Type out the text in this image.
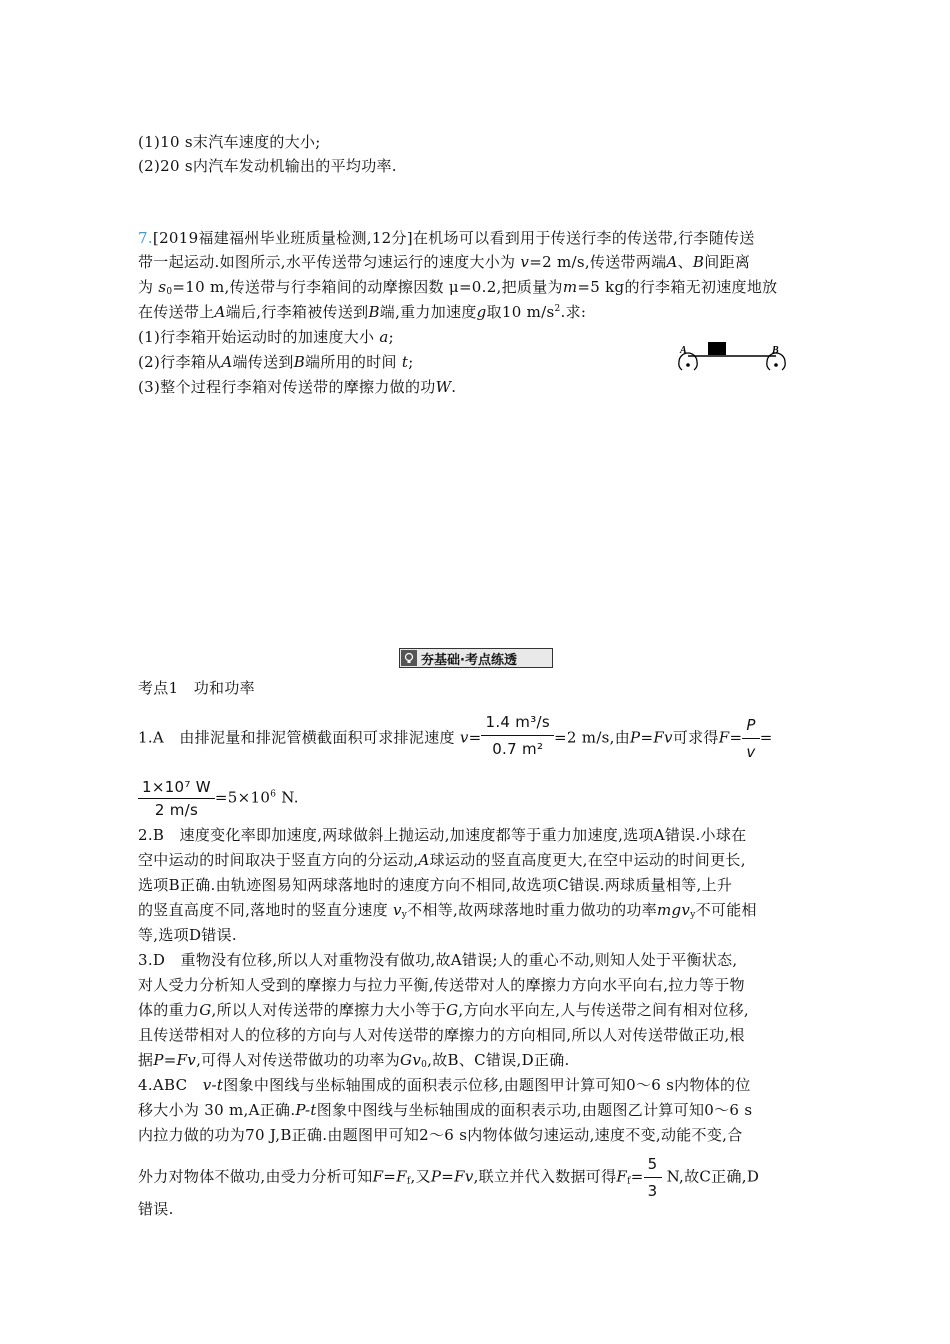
(1)10 s末汽车速度的大小;
(2)20 s内汽车发动机输出的平均功率.
7.[2019福建福州毕业班质量检测,12分]在机场可以看到用于传送行李的传送带,行李随传送
带一起运动.如图所示,水平传送带匀速运行的速度大小为 v=2 m/s,传送带两端A、B间距离
为 $s_0=10$ m,传送带与行李箱间的动摩擦因数 μ=0.2,把质量为m=5 kg的行李箱无初速度地放
在传送带上A端后,行李箱被传送到B端,重力加速度g取10 $m/s^2$.求:
(1)行李箱开始运动时的加速度大小 a;
(2)行李箱从A端传送到B端所用的时间 t;
(3)整个过程行李箱对传送带的摩擦力做的功W.
A	B
夯基础·考点练透
考点1　功和功率
1.A　由排泥量和排泥管横截面积可求排泥速度 $v= \frac{\text{1.4 m³/s}}{\text{0.7 m²}} =2$ m/s,由P=Fv可求得$F= \frac{P}{v}$ =
$\frac{\text{1×10⁷ W}}{2 m/s} =5\times 10^6$ N.
2.B　速度变化率即加速度,两球做斜上抛运动,加速度都等于重力加速度,选项A错误.小球在
空中运动的时间取决于竖直方向的分运动,A球运动的竖直高度更大,在空中运动的时间更长,
选项B正确.由轨迹图易知两球落地时的速度方向不相同,故选项C错误.两球质量相等,上升
的竖直高度不同,落地时的竖直分速度 $v_y$不相等,故两球落地时重力做功的功率mgv$_y$不可能相
等,选项D错误.
3.D　重物没有位移,所以人对重物没有做功,故A错误;人的重心不动,则知人处于平衡状态,
对人受力分析知人受到的摩擦力与拉力平衡,传送带对人的摩擦力方向水平向右,拉力等于物
体的重力G,所以人对传送带的摩擦力大小等于G,方向水平向左,人与传送带之间有相对位移,
且传送带相对人的位移的方向与人对传送带的摩擦力的方向相同,所以人对传送带做正功,根
据P=Fv,可得人对传送带做功的功率为$Gv_0$,故B、C错误,D正确.
4.ABC　v-t图象中图线与坐标轴围成的面积表示位移,由题图甲计算可知0～6 s内物体的位
移大小为 30 m,A正确.P-t图象中图线与坐标轴围成的面积表示功,由题图乙计算可知0～6 s
内拉力做的功为70 J,B正确.由题图甲可知2～6 s内物体做匀速运动,速度不变,动能不变,合
外力对物体不做功,由受力分析可知$F=F_f$,又P=Fv,联立并代入数据可得$F_f= \frac{5}{3} N$,故C正确,D
错误.
